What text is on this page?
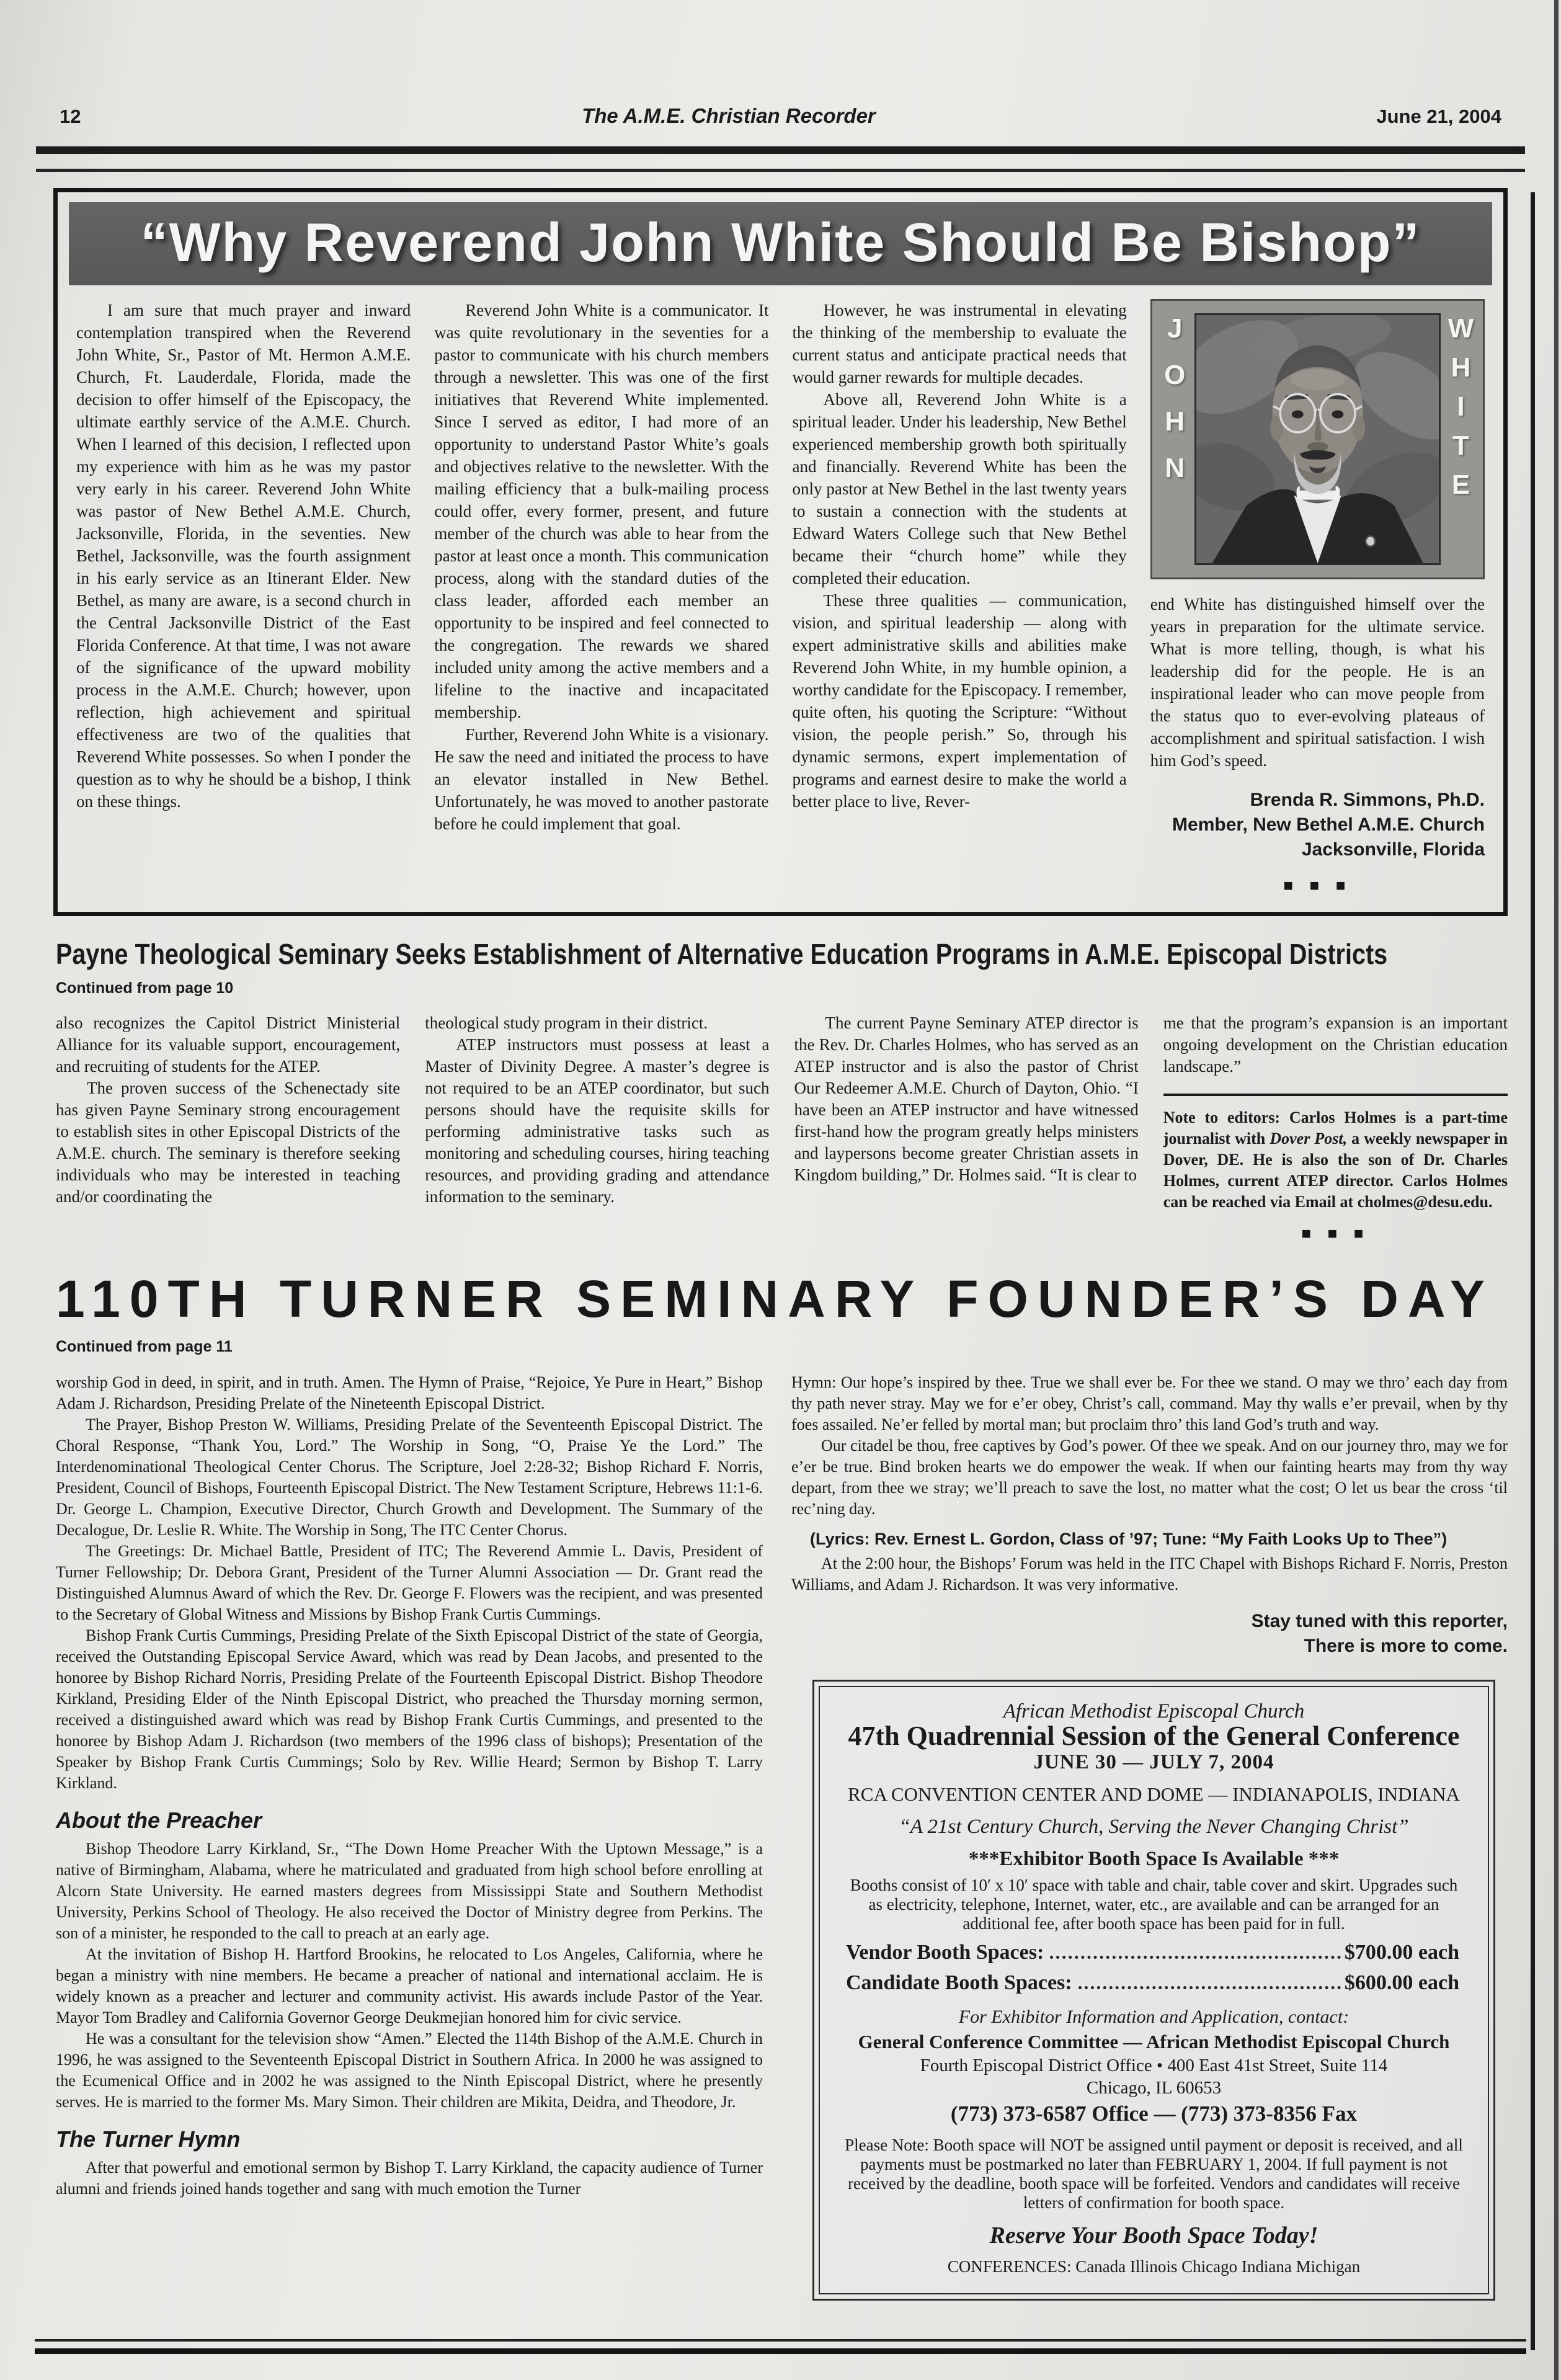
12	The A.M.E. Christian Recorder	June 21, 2004
“Why Reverend John White Should Be Bishop”

I am sure that much prayer and inward contemplation transpired when the Reverend John White, Sr., Pastor of Mt. Hermon A.M.E. Church, Ft. Lauderdale, Florida, made the decision to offer himself of the Episcopacy, the ultimate earthly service of the A.M.E. Church. When I learned of this decision, I reflected upon my experience with him as he was my pastor very early in his career. Reverend John White was pastor of New Bethel A.M.E. Church, Jacksonville, Florida, in the seventies. New Bethel, Jacksonville, was the fourth assignment in his early service as an Itinerant Elder. New Bethel, as many are aware, is a second church in the Central Jacksonville District of the East Florida Conference. At that time, I was not aware of the significance of the upward mobility process in the A.M.E. Church; however, upon reflection, high achievement and spiritual effectiveness are two of the qualities that Reverend White possesses. So when I ponder the question as to why he should be a bishop, I think on these things.

Reverend John White is a communicator. It was quite revolutionary in the seventies for a pastor to communicate with his church members through a newsletter. This was one of the first initiatives that Reverend White implemented. Since I served as editor, I had more of an opportunity to understand Pastor White’s goals and objectives relative to the newsletter. With the mailing efficiency that a bulk-mailing process could offer, every former, present, and future member of the church was able to hear from the pastor at least once a month. This communication process, along with the standard duties of the class leader, afforded each member an opportunity to be inspired and feel connected to the congregation. The rewards we shared included unity among the active members and a lifeline to the inactive and incapacitated membership.

Further, Reverend John White is a visionary. He saw the need and initiated the process to have an elevator installed in New Bethel. Unfortunately, he was moved to another pastorate before he could implement that goal.

However, he was instrumental in elevating the thinking of the membership to evaluate the current status and anticipate practical needs that would garner rewards for multiple decades.

Above all, Reverend John White is a spiritual leader. Under his leadership, New Bethel experienced membership growth both spiritually and financially. Reverend White has been the only pastor at New Bethel in the last twenty years to sustain a connection with the students at Edward Waters College such that New Bethel became their “church home” while they completed their education.

These three qualities — communication, vision, and spiritual leadership — along with expert administrative skills and abilities make Reverend John White, in my humble opinion, a worthy candidate for the Episcopacy. I remember, quite often, his quoting the Scripture: “Without vision, the people perish.” So, through his dynamic sermons, expert implementation of programs and earnest desire to make the world a better place to live, Rever-

JOHN	WHITE

end White has distinguished himself over the years in preparation for the ultimate service. What is more telling, though, is what his leadership did for the people. He is an inspirational leader who can move people from the status quo to ever-evolving plateaus of accomplishment and spiritual satisfaction. I wish him God’s speed.

Brenda R. Simmons, Ph.D.
Member, New Bethel A.M.E. Church
Jacksonville, Florida
■ ■ ■
Payne Theological Seminary Seeks Establishment of Alternative Education Programs in A.M.E. Episcopal Districts
Continued from page 10

also recognizes the Capitol District Ministerial Alliance for its valuable support, encouragement, and recruiting of students for the ATEP.

The proven success of the Schenectady site has given Payne Seminary strong encouragement to establish sites in other Episcopal Districts of the A.M.E. church. The seminary is therefore seeking individuals who may be interested in teaching and/or coordinating the

theological study program in their district.

ATEP instructors must possess at least a Master of Divinity Degree. A master’s degree is not required to be an ATEP coordinator, but such persons should have the requisite skills for performing administrative tasks such as monitoring and scheduling courses, hiring teaching resources, and providing grading and attendance information to the seminary.

The current Payne Seminary ATEP director is the Rev. Dr. Charles Holmes, who has served as an ATEP instructor and is also the pastor of Christ Our Redeemer A.M.E. Church of Dayton, Ohio. “I have been an ATEP instructor and have witnessed first-hand how the program greatly helps ministers and laypersons become greater Christian assets in Kingdom building,” Dr. Holmes said. “It is clear to

me that the program’s expansion is an important ongoing development on the Christian education landscape.”

Note to editors: Carlos Holmes is a part-time journalist with Dover Post, a weekly newspaper in Dover, DE. He is also the son of Dr. Charles Holmes, current ATEP director. Carlos Holmes can be reached via Email at cholmes@desu.edu.
■ ■ ■
110TH TURNER SEMINARY FOUNDER’S DAY
Continued from page 11

worship God in deed, in spirit, and in truth. Amen. The Hymn of Praise, “Rejoice, Ye Pure in Heart,” Bishop Adam J. Richardson, Presiding Prelate of the Nineteenth Episcopal District.

The Prayer, Bishop Preston W. Williams, Presiding Prelate of the Seventeenth Episcopal District. The Choral Response, “Thank You, Lord.” The Worship in Song, “O, Praise Ye the Lord.” The Interdenominational Theological Center Chorus. The Scripture, Joel 2:28-32; Bishop Richard F. Norris, President, Council of Bishops, Fourteenth Episcopal District. The New Testament Scripture, Hebrews 11:1-6. Dr. George L. Champion, Executive Director, Church Growth and Development. The Summary of the Decalogue, Dr. Leslie R. White. The Worship in Song, The ITC Center Chorus.

The Greetings: Dr. Michael Battle, President of ITC; The Reverend Ammie L. Davis, President of Turner Fellowship; Dr. Debora Grant, President of the Turner Alumni Association — Dr. Grant read the Distinguished Alumnus Award of which the Rev. Dr. George F. Flowers was the recipient, and was presented to the Secretary of Global Witness and Missions by Bishop Frank Curtis Cummings.

Bishop Frank Curtis Cummings, Presiding Prelate of the Sixth Episcopal District of the state of Georgia, received the Outstanding Episcopal Service Award, which was read by Dean Jacobs, and presented to the honoree by Bishop Richard Norris, Presiding Prelate of the Fourteenth Episcopal District. Bishop Theodore Kirkland, Presiding Elder of the Ninth Episcopal District, who preached the Thursday morning sermon, received a distinguished award which was read by Bishop Frank Curtis Cummings, and presented to the honoree by Bishop Adam J. Richardson (two members of the 1996 class of bishops); Presentation of the Speaker by Bishop Frank Curtis Cummings; Solo by Rev. Willie Heard; Sermon by Bishop T. Larry Kirkland.

About the Preacher

Bishop Theodore Larry Kirkland, Sr., “The Down Home Preacher With the Uptown Message,” is a native of Birmingham, Alabama, where he matriculated and graduated from high school before enrolling at Alcorn State University. He earned masters degrees from Mississippi State and Southern Methodist University, Perkins School of Theology. He also received the Doctor of Ministry degree from Perkins. The son of a minister, he responded to the call to preach at an early age.

At the invitation of Bishop H. Hartford Brookins, he relocated to Los Angeles, California, where he began a ministry with nine members. He became a preacher of national and international acclaim. He is widely known as a preacher and lecturer and community activist. His awards include Pastor of the Year. Mayor Tom Bradley and California Governor George Deukmejian honored him for civic service.

He was a consultant for the television show “Amen.” Elected the 114th Bishop of the A.M.E. Church in 1996, he was assigned to the Seventeenth Episcopal District in Southern Africa. In 2000 he was assigned to the Ecumenical Office and in 2002 he was assigned to the Ninth Episcopal District, where he presently serves. He is married to the former Ms. Mary Simon. Their children are Mikita, Deidra, and Theodore, Jr.

The Turner Hymn

After that powerful and emotional sermon by Bishop T. Larry Kirkland, the capacity audience of Turner alumni and friends joined hands together and sang with much emotion the Turner

Hymn: Our hope’s inspired by thee. True we shall ever be. For thee we stand. O may we thro’ each day from thy path never stray. May we for e’er obey, Christ’s call, command. May thy walls e’er prevail, when by thy foes assailed. Ne’er felled by mortal man; but proclaim thro’ this land God’s truth and way.

Our citadel be thou, free captives by God’s power. Of thee we speak. And on our journey thro, may we for e’er be true. Bind broken hearts we do empower the weak. If when our fainting hearts may from thy way depart, from thee we stray; we’ll preach to save the lost, no matter what the cost; O let us bear the cross ‘til rec’ning day.

(Lyrics: Rev. Ernest L. Gordon, Class of ’97; Tune: “My Faith Looks Up to Thee”)

At the 2:00 hour, the Bishops’ Forum was held in the ITC Chapel with Bishops Richard F. Norris, Preston Williams, and Adam J. Richardson. It was very informative.

Stay tuned with this reporter,
There is more to come.
African Methodist Episcopal Church
47th Quadrennial Session of the General Conference
JUNE 30 — JULY 7, 2004
RCA CONVENTION CENTER AND DOME — INDIANAPOLIS, INDIANA
“A 21st Century Church, Serving the Never Changing Christ”
***Exhibitor Booth Space Is Available ***
Booths consist of 10′ x 10′ space with table and chair, table cover and skirt. Upgrades such as electricity, telephone, Internet, water, etc., are available and can be arranged for an additional fee, after booth space has been paid for in full.
Vendor Booth Spaces:	$700.00 each
Candidate Booth Spaces:	$600.00 each
For Exhibitor Information and Application, contact:
General Conference Committee — African Methodist Episcopal Church
Fourth Episcopal District Office • 400 East 41st Street, Suite 114
Chicago, IL 60653
(773) 373-6587 Office — (773) 373-8356 Fax
Please Note: Booth space will NOT be assigned until payment or deposit is received, and all payments must be postmarked no later than FEBRUARY 1, 2004. If full payment is not received by the deadline, booth space will be forfeited. Vendors and candidates will receive letters of confirmation for booth space.
Reserve Your Booth Space Today!
CONFERENCES: Canada Illinois Chicago Indiana Michigan
